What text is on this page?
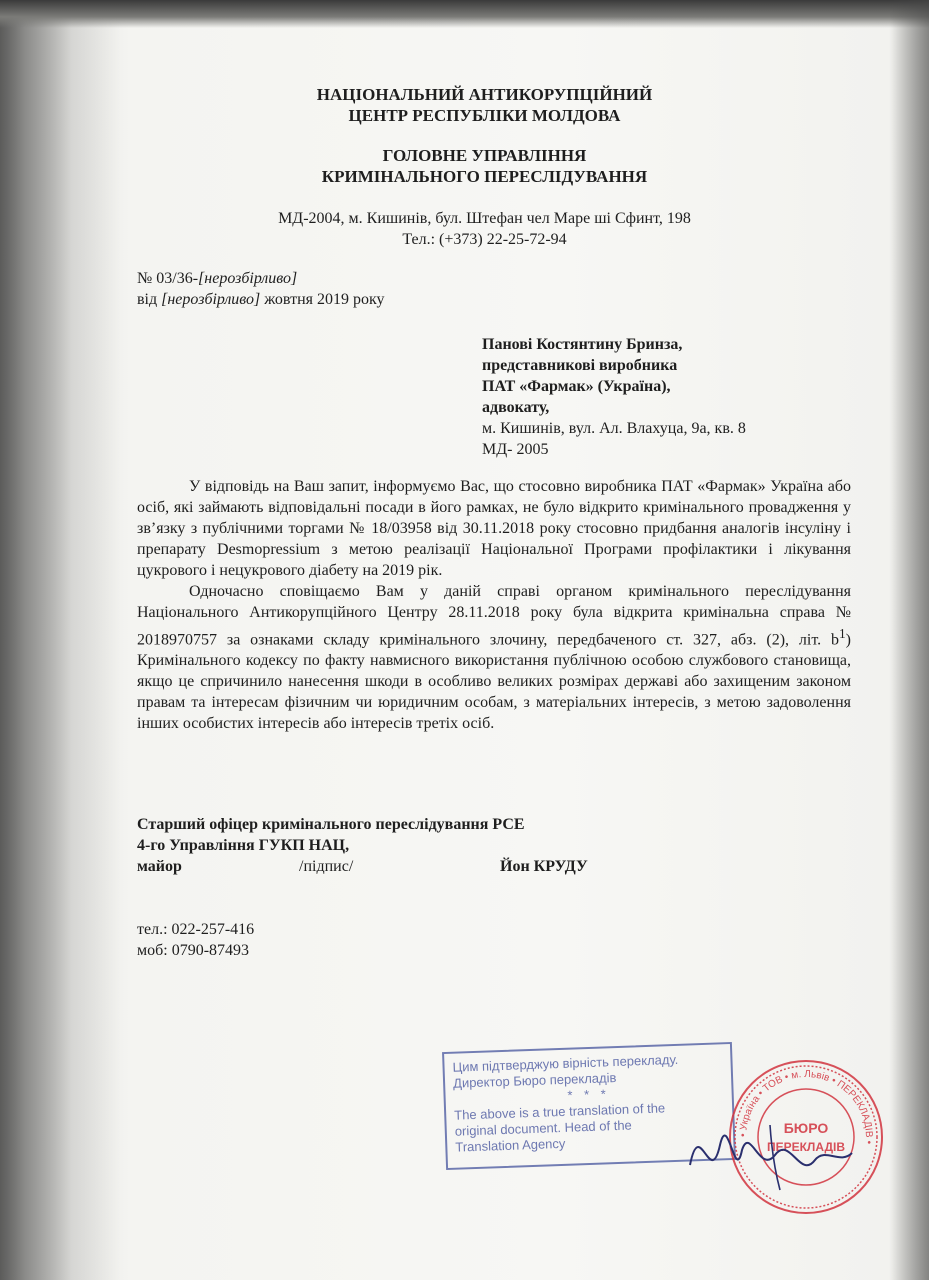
НАЦІОНАЛЬНИЙ АНТИКОРУПЦІЙНИЙ
ЦЕНТР РЕСПУБЛІКИ МОЛДОВА
ГОЛОВНЕ УПРАВЛІННЯ
КРИМІНАЛЬНОГО ПЕРЕСЛІДУВАННЯ
МД-2004, м. Кишинів, бул. Штефан чел Маре ші Сфинт, 198
Тел.: (+373) 22-25-72-94
№ 03/36-[нерозбірливо]
від [нерозбірливо] жовтня 2019 року
Панові Костянтину Бринза,
представникові виробника
ПАТ «Фармак» (Україна),
адвокату,
м. Кишинів, вул. Ал. Влахуца, 9а, кв. 8
МД- 2005

У відповідь на Ваш запит, інформуємо Вас, що стосовно виробника ПАТ «Фармак» Україна або осіб, які займають відповідальні посади в його рамках, не було відкрито кримінального провадження у зв’язку з публічними торгами № 18/03958 від 30.11.2018 року стосовно придбання аналогів інсуліну і препарату Desmopressium з метою реалізації Національної Програми профілактики і лікування цукрового і нецукрового діабету на 2019 рік.

Одночасно сповіщаємо Вам у даній справі органом кримінального переслідування Національного Антикорупційного Центру 28.11.2018 року була відкрита кримінальна справа № 2018970757 за ознаками складу кримінального злочину, передбаченого ст. 327, абз. (2), літ. $b^1$) Кримінального кодексу по факту навмисного використання публічною особою службового становища, якщо це спричинило нанесення шкоди в особливо великих розмірах державі або захищеним законом правам та інтересам фізичним чи юридичним особам, з матеріальних інтересів, з метою задоволення інших особистих інтересів або інтересів третіх осіб.

Старший офіцер кримінального переслідування РСЕ
4-го Управління ГУКП НАЦ,
майор	/підпис/	Йон КРУДУ
тел.: 022-257-416
моб: 0790-87493
Цим підтверджую вірність перекладу.
Директор Бюро перекладів
* * *
The above is a true translation of the
original document. Head of the
Translation Agency
• Україна • ТОВ • м. Львів • ПЕРЕКЛАДІВ •
БЮРО
ПЕРЕКЛАДІВ
